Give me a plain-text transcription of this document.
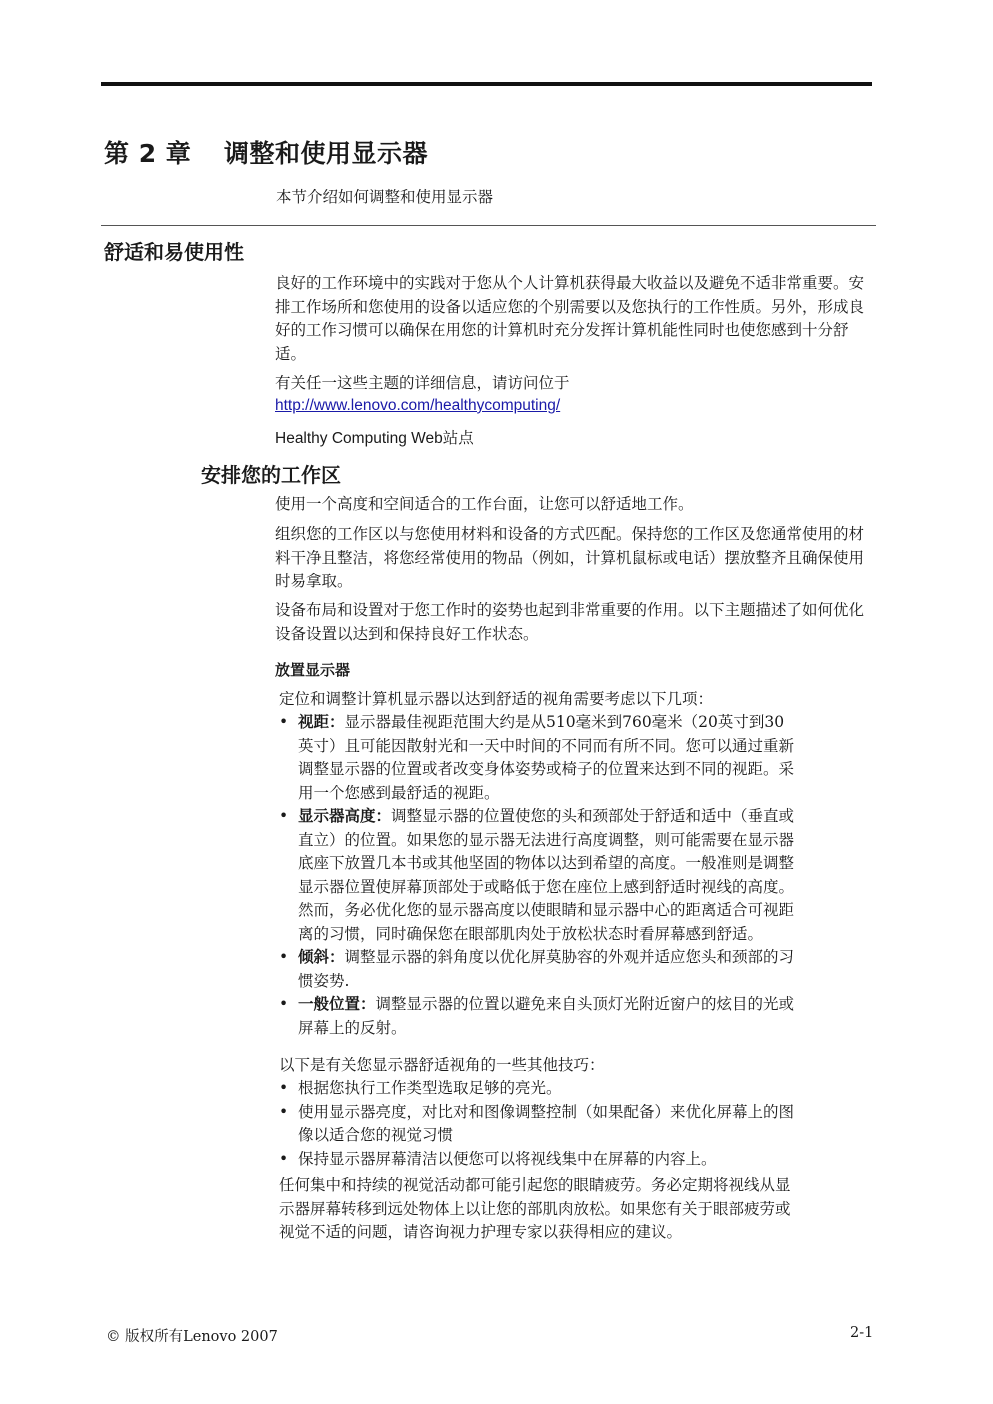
第 2 章 调整和使用显示器
本节介绍如何调整和使用显示器
舒适和易使用性
良好的工作环境中的实践对于您从个人计算机获得最大收益以及避免不适非常重要。安排工作场所和您使用的设备以适应您的个别需要以及您执行的工作性质。另外，形成良好的工作习惯可以确保在用您的计算机时充分发挥计算机能性同时也使您感到十分舒适。
有关任一这些主题的详细信息，请访问位于
http://www.lenovo.com/healthycomputing/
Healthy Computing Web站点
安排您的工作区
使用一个高度和空间适合的工作台面，让您可以舒适地工作。
组织您的工作区以与您使用材料和设备的方式匹配。保持您的工作区及您通常使用的材料干净且整洁，将您经常使用的物品（例如，计算机鼠标或电话）摆放整齐且确保使用时易拿取。
设备布局和设置对于您工作时的姿势也起到非常重要的作用。以下主题描述了如何优化设备设置以达到和保持良好工作状态。
放置显示器
定位和调整计算机显示器以达到舒适的视角需要考虑以下几项：
• 视距：显示器最佳视距范围大约是从510毫米到760毫米（20英寸到30英寸）且可能因散射光和一天中时间的不同而有所不同。您可以通过重新调整显示器的位置或者改变身体姿势或椅子的位置来达到不同的视距。采用一个您感到最舒适的视距。
• 显示器高度：调整显示器的位置使您的头和颈部处于舒适和适中（垂直或直立）的位置。如果您的显示器无法进行高度调整，则可能需要在显示器底座下放置几本书或其他坚固的物体以达到希望的高度。一般准则是调整显示器位置使屏幕顶部处于或略低于您在座位上感到舒适时视线的高度。然而，务必优化您的显示器高度以使眼睛和显示器中心的距离适合可视距离的习惯，同时确保您在眼部肌肉处于放松状态时看屏幕感到舒适。
• 倾斜：调整显示器的斜角度以优化屏莫胁容的外观并适应您头和颈部的习惯姿势.
• 一般位置：调整显示器的位置以避免来自头顶灯光附近窗户的炫目的光或屏幕上的反射。
以下是有关您显示器舒适视角的一些其他技巧：
• 根据您执行工作类型选取足够的亮光。
• 使用显示器亮度，对比对和图像调整控制（如果配备）来优化屏幕上的图像以适合您的视觉习惯
• 保持显示器屏幕清洁以便您可以将视线集中在屏幕的内容上。
任何集中和持续的视觉活动都可能引起您的眼睛疲劳。务必定期将视线从显示器屏幕转移到远处物体上以让您的部肌肉放松。如果您有关于眼部疲劳或视觉不适的问题，请咨询视力护理专家以获得相应的建议。
© 版权所有Lenovo 2007	2-1
